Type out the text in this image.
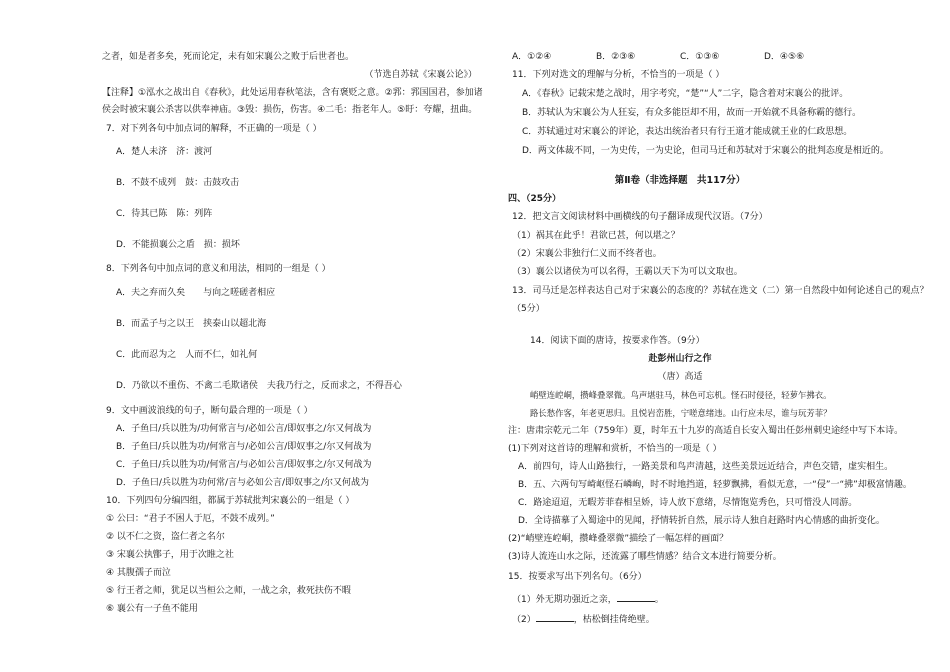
之者，如是者多矣，死而论定，未有如宋襄公之败于后世者也。
（节选自苏轼《宋襄公论》）
【注释】①泓水之战出自《春秋》，此处运用春秋笔法，含有褒贬之意。②郛：郛国国君，参加诸
侯会时被宋襄公杀害以供奉神庙。③毁：损伤，伤害。④二毛：指老年人。⑤盱：夸耀，扭曲。
7．对下列各句中加点词的解释，不正确的一项是（ ）
A．楚人未济　济：渡河
B．不鼓不成列　鼓：击鼓攻击
C．待其已陈　陈：列阵
D．不能损襄公之盾　损：损坏
8．下列各句中加点词的意义和用法，相同的一组是（ ）
A．夫之弃而久矣　　与向之嗟磋者相应
B．而孟子与之以王　挟泰山以超北海
C．此而忍为之　人而不仁，如礼何
D．乃欲以不重伤、不禽二毛欺诸侯　夫我乃行之，反而求之，不得吾心
9．文中画波浪线的句子，断句最合理的一项是（ ）
A．子鱼曰/兵以胜为/功何常言与/必如公言/即奴事之/尔又何战为
B．子鱼曰/兵以胜为功/何常言与/必如公言/即奴事之/尔又何战为
C．子鱼曰/兵以胜为功/何常言/与必如公言/即奴事之/尔又何战为
D．子鱼曰/兵以胜为功何常/言与必如公言/即奴事之/尔又何战为
10．下列四句分编四组，都属于苏轼批判宋襄公的一组是（ ）
① 公曰：“君子不困人于厄，不鼓不成列。”
② 以不仁之资，盗仁者之名尔
③ 宋襄公执鄫子，用于次睢之社
④ 其腹孺子而泣
⑤ 行王者之师，犹足以当桓公之师，一战之余，救死扶伤不暇
⑥ 襄公有一子鱼不能用
A．①②④	B．②③⑥	C．①③⑥	D．④⑤⑥
11．下列对选文的理解与分析，不恰当的一项是（ ）
A．《春秋》记载宋楚之战时，用字考究，“楚”“人”二字，隐含着对宋襄公的批评。
B．苏轼认为宋襄公为人狂妄，有众多能臣却不用，故而一开始就不具备称霸的德行。
C．苏轼通过对宋襄公的评论，表达出统治者只有行王道才能成就王业的仁政思想。
D．两文体裁不同，一为史传，一为史论，但司马迁和苏轼对于宋襄公的批判态度是相近的。
第Ⅱ卷（非选择题　共117分）
四、（25分）
12．把文言文阅读材料中画横线的句子翻译成现代汉语。（7分）
（1）祸其在此乎！君欲已甚，何以堪之？
（2）宋襄公非独行仁义而不终者也。
（3）襄公以诸侯为可以名得，王霸以天下为可以文取也。
13．司马迁是怎样表达自己对于宋襄公的态度的？苏轼在选文（二）第一自然段中如何论述自己的观点？
（5分）
14．阅读下面的唐诗，按要求作答。（9分）
赴彭州山行之作
（唐）高适
峭壁连崆峒，攒峰叠翠微。鸟声堪驻马，林色可忘机。怪石时侵径，轻萝乍拂衣。
路长愁作客，年老更思归。且悦岩峦胜，宁嗟意绪违。山行应未尽，谁与玩芳菲？
注：唐肃宗乾元二年（759年）夏，时年五十九岁的高适自长安入蜀出任彭州刺史途经中写下本诗。
(1)下列对这首诗的理解和赏析，不恰当的一项是（ ）
A．前四句，诗人山路独行，一路美景和鸟声清越，这些美景远近结合，声色交错，虚实相生。
B．五、六两句写崎岖怪石嶙峋，时不时地挡道，轻萝飘拂，看似无意，一“侵”一“拂”却极富情趣。
C．路途迢迢，无暇芳菲春相呈娇，诗人放下意绪，尽情饱览秀色，只可惜没人同游。
D．全诗描摹了入蜀途中的见闻，抒情转折自然，展示诗人独自赶路时内心情感的曲折变化。
(2)“峭壁连崆峒，攒峰叠翠微”描绘了一幅怎样的画面？
(3)诗人流连山水之际，还流露了哪些情感？结合文本进行简要分析。
15．按要求写出下列名句。（6分）
（1）外无期功强近之亲，	。
（2）	，枯松倒挂倚绝壁。
